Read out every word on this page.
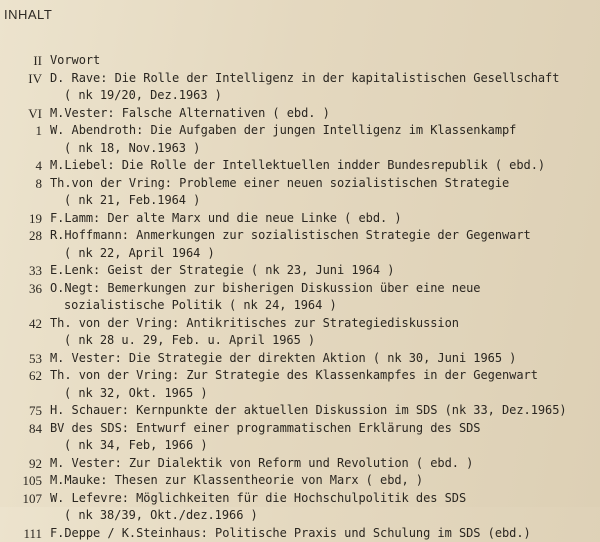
INHALT
II Vorwort
IV D. Rave: Die Rolle der Intelligenz in der kapitalistischen Gesellschaft
( nk 19/20, Dez.1963 )
VI M.Vester: Falsche Alternativen ( ebd. )
1 W. Abendroth: Die Aufgaben der jungen Intelligenz im Klassenkampf
( nk 18, Nov.1963 )
4 M.Liebel: Die Rolle der Intellektuellen indder Bundesrepublik ( ebd.)
8 Th.von der Vring: Probleme einer neuen sozialistischen Strategie
( nk 21, Feb.1964 )
19 F.Lamm: Der alte Marx und die neue Linke ( ebd. )
28 R.Hoffmann: Anmerkungen zur sozialistischen Strategie der Gegenwart
( nk 22, April 1964 )
33 E.Lenk: Geist der Strategie ( nk 23, Juni 1964 )
36 O.Negt: Bemerkungen zur bisherigen Diskussion über eine neue
sozialistische Politik ( nk 24, 1964 )
42 Th. von der Vring: Antikritisches zur Strategiediskussion
( nk 28 u. 29, Feb. u. April 1965 )
53 M. Vester: Die Strategie der direkten Aktion ( nk 30, Juni 1965 )
62 Th. von der Vring: Zur Strategie des Klassenkampfes in der Gegenwart
( nk 32, Okt. 1965 )
75 H. Schauer: Kernpunkte der aktuellen Diskussion im SDS (nk 33, Dez.1965)
84 BV des SDS: Entwurf einer programmatischen Erklärung des SDS
( nk 34, Feb, 1966 )
92 M. Vester: Zur Dialektik von Reform und Revolution ( ebd. )
105 M.Mauke: Thesen zur Klassentheorie von Marx ( ebd, )
107 W. Lefevre: Möglichkeiten für die Hochschulpolitik des SDS
( nk 38/39, Okt./dez.1966 )
111 F.Deppe / K.Steinhaus: Politische Praxis und Schulung im SDS (ebd.)
